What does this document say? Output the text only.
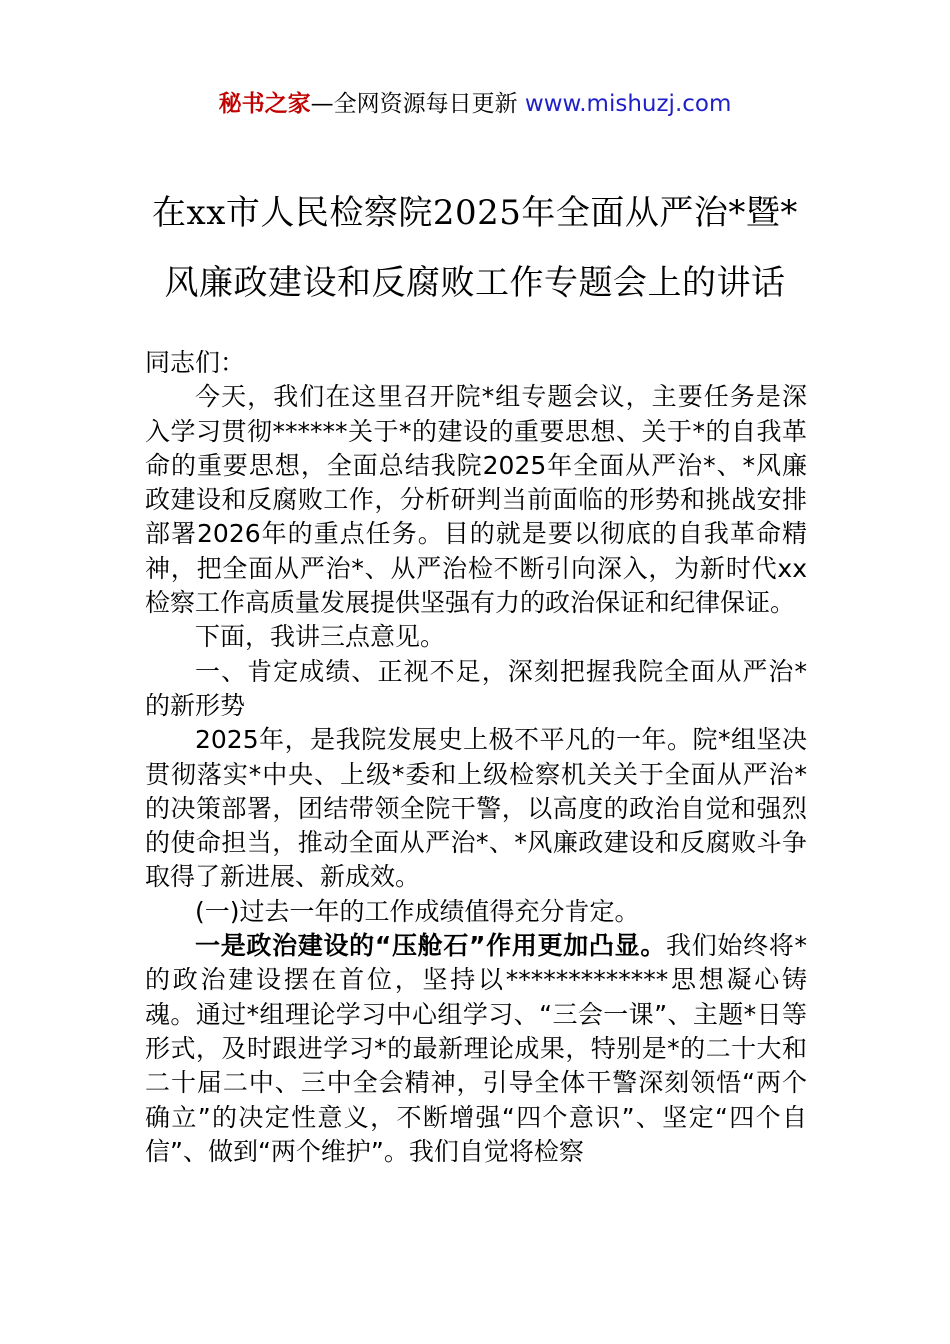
秘书之家—全网资源每日更新 www.mishuzj.com
在xx市人民检察院2025年全面从严治*暨*
风廉政建设和反腐败工作专题会上的讲话

同志们：

今天，我们在这里召开院*组专题会议，主要任务是深入学习贯彻******关于*的建设的重要思想、关于*的自我革命的重要思想，全面总结我院2025年全面从严治*、*风廉政建设和反腐败工作，分析研判当前面临的形势和挑战安排部署2026年的重点任务。目的就是要以彻底的自我革命精神，把全面从严治*、从严治检不断引向深入，为新时代xx检察工作高质量发展提供坚强有力的政治保证和纪律保证。

下面，我讲三点意见。

一、肯定成绩、正视不足，深刻把握我院全面从严治*的新形势

2025年，是我院发展史上极不平凡的一年。院*组坚决贯彻落实*中央、上级*委和上级检察机关关于全面从严治*的决策部署，团结带领全院干警，以高度的政治自觉和强烈的使命担当，推动全面从严治*、*风廉政建设和反腐败斗争取得了新进展、新成效。

(一)过去一年的工作成绩值得充分肯定。

一是政治建设的“压舱石”作用更加凸显。我们始终将*的政治建设摆在首位，坚持以*************思想凝心铸魂。通过*组理论学习中心组学习、“三会一课”、主题*日等形式，及时跟进学习*的最新理论成果，特别是*的二十大和二十届二中、三中全会精神，引导全体干警深刻领悟“两个确立”的决定性意义，不断增强“四个意识”、坚定“四个自信”、做到“两个维护”。我们自觉将检察
